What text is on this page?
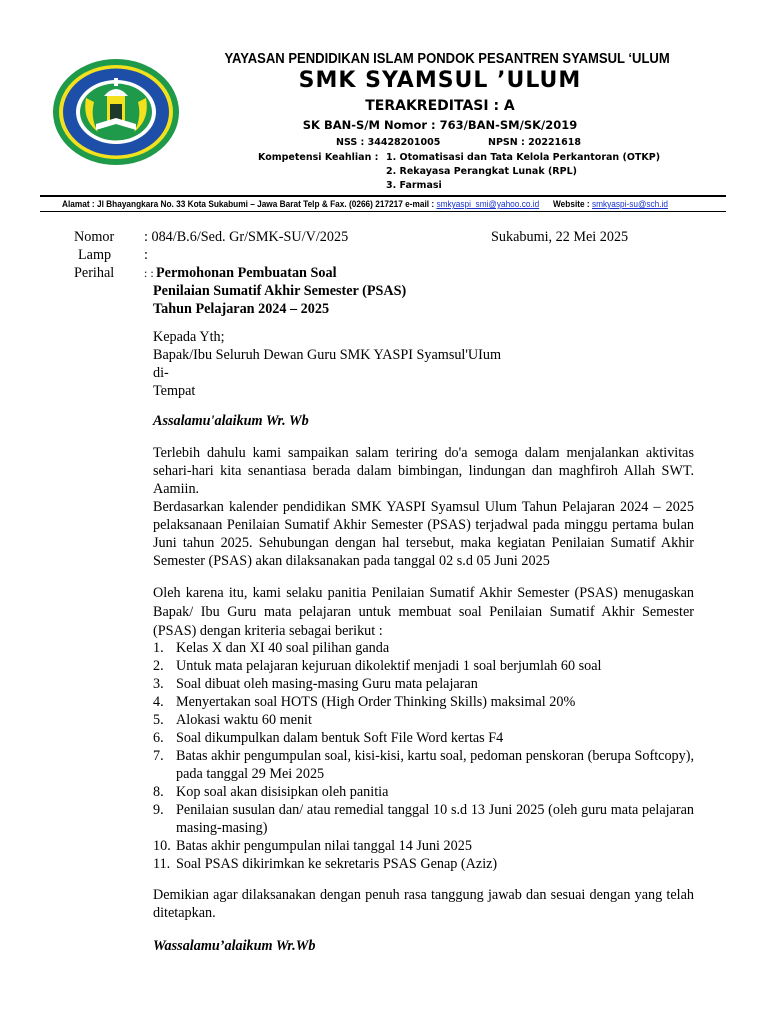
YAYASAN PENDIDIKAN ISLAM PONDOK PESANTREN SYAMSUL ‘ULUM
SMK SYAMSUL ’ULUM
TERAKREDITASI : A
SK BAN-S/M Nomor : 763/BAN-SM/SK/2019
NSS : 34428201005	NPSN : 20221618
Kompetensi Keahlian : 1. Otomatisasi dan Tata Kelola Perkantoran (OTKP)
2. Rekayasa Perangkat Lunak (RPL)
3. Farmasi
Alamat : Jl Bhayangkara No. 33 Kota Sukabumi – Jawa Barat Telp & Fax. (0266) 217217 e-mail : smkyaspi_smi@yahoo.co.id Website : smkyaspi-su@sch.id
Nomor : 084/B.6/Sed. Gr/SMK-SU/V/2025	Sukabumi, 22 Mei 2025
Lamp :
Perihal : : Permohonan Pembuatan Soal
Penilaian Sumatif Akhir Semester (PSAS)
Tahun Pelajaran 2024 – 2025
Kepada Yth;
Bapak/Ibu Seluruh Dewan Guru SMK YASPI Syamsul'UIum
di-
Tempat
Assalamu'alaikum Wr. Wb
Terlebih dahulu kami sampaikan salam teriring do'a semoga dalam menjalankan aktivitas sehari-hari kita senantiasa berada dalam bimbingan, lindungan dan maghfiroh Allah SWT. Aamiin.
Berdasarkan kalender pendidikan SMK YASPI Syamsul Ulum Tahun Pelajaran 2024 – 2025 pelaksanaan Penilaian Sumatif Akhir Semester (PSAS) terjadwal pada minggu pertama bulan Juni tahun 2025. Sehubungan dengan hal tersebut, maka kegiatan Penilaian Sumatif Akhir Semester (PSAS) akan dilaksanakan pada tanggal 02 s.d 05 Juni 2025
Oleh karena itu, kami selaku panitia Penilaian Sumatif Akhir Semester (PSAS) menugaskan Bapak/ Ibu Guru mata pelajaran untuk membuat soal Penilaian Sumatif Akhir Semester (PSAS) dengan kriteria sebagai berikut :
1. Kelas X dan XI 40 soal pilihan ganda
2. Untuk mata pelajaran kejuruan dikolektif menjadi 1 soal berjumlah 60 soal
3. Soal dibuat oleh masing-masing Guru mata pelajaran
4. Menyertakan soal HOTS (High Order Thinking Skills) maksimal 20%
5. Alokasi waktu 60 menit
6. Soal dikumpulkan dalam bentuk Soft File Word kertas F4
7. Batas akhir pengumpulan soal, kisi-kisi, kartu soal, pedoman penskoran (berupa Softcopy), pada tanggal 29 Mei 2025
8. Kop soal akan disisipkan oleh panitia
9. Penilaian susulan dan/ atau remedial tanggal 10 s.d 13 Juni 2025 (oleh guru mata pelajaran masing-masing)
10. Batas akhir pengumpulan nilai tanggal 14 Juni 2025
11. Soal PSAS dikirimkan ke sekretaris PSAS Genap (Aziz)
Demikian agar dilaksanakan dengan penuh rasa tanggung jawab dan sesuai dengan yang telah ditetapkan.
Wassalamu’alaikum Wr.Wb
